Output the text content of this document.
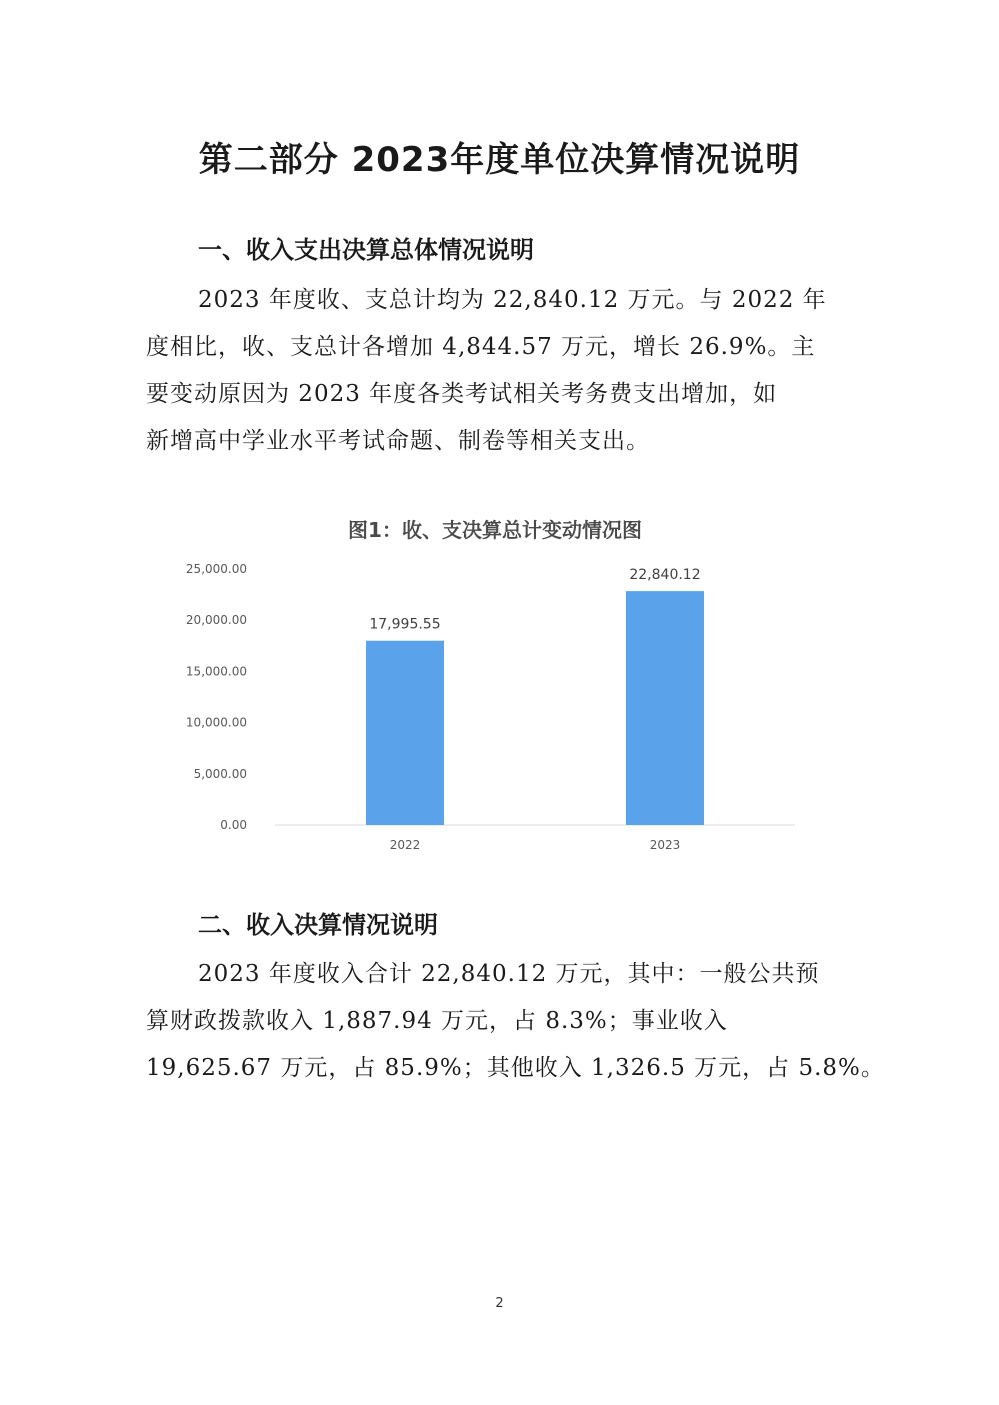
第二部分 2023年度单位决算情况说明
一、收入支出决算总体情况说明

2023 年度收、支总计均为 22,840.12 万元。与 2022 年

度相比，收、支总计各增加 4,844.57 万元，增长 26.9%。主

要变动原因为 2023 年度各类考试相关考务费支出增加，如

新增高中学业水平考试命题、制卷等相关支出。

图1：收、支决算总计变动情况图
0.00
5,000.00
10,000.00
15,000.00
20,000.00
25,000.00
17,995.55
22,840.12
2022	2023
二、收入决算情况说明

2023 年度收入合计 22,840.12 万元，其中：一般公共预

算财政拨款收入 1,887.94 万元，占 8.3%；事业收入

19,625.67 万元，占 85.9%；其他收入 1,326.5 万元，占 5.8%。

2
